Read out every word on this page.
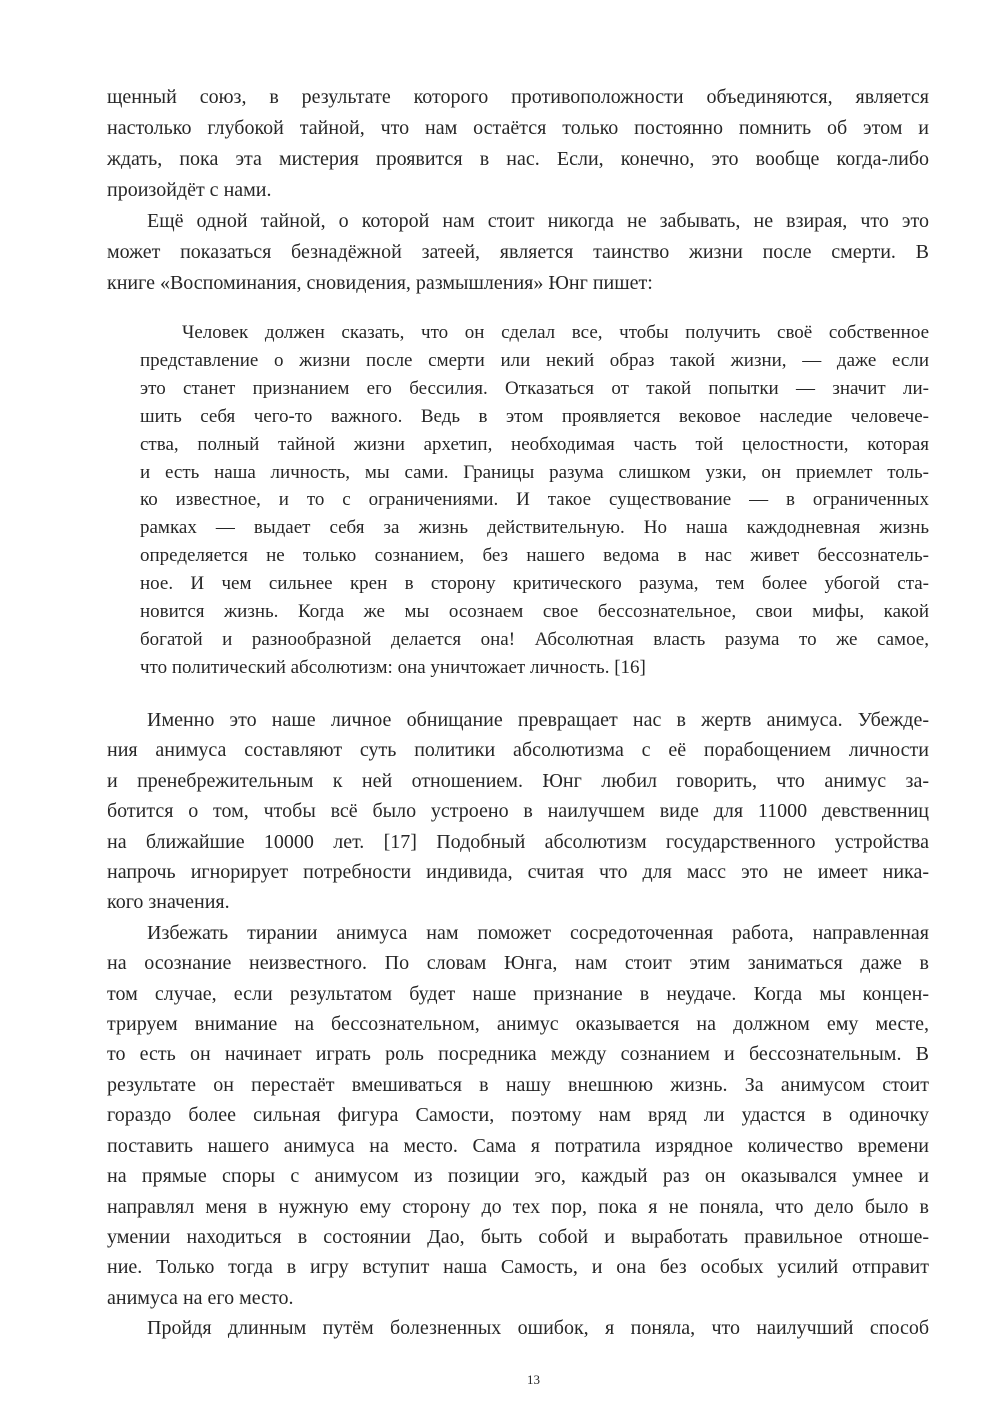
щенный союз, в результате которого противоположности объединяются, является
настолько глубокой тайной, что нам остаётся только постоянно помнить об этом и
ждать, пока эта мистерия проявится в нас. Если, конечно, это вообще когда-либо
произойдёт с нами.
Ещё одной тайной, о которой нам стоит никогда не забывать, не взирая, что это
может показаться безнадёжной затеей, является таинство жизни после смерти. В
книге «Воспоминания, сновидения, размышления» Юнг пишет:
Человек должен сказать, что он сделал все, чтобы получить своё собственное
представление о жизни после смерти или некий образ такой жизни, — даже если
это станет признанием его бессилия. Отказаться от такой попытки — значит ли-
шить себя чего-то важного. Ведь в этом проявляется вековое наследие человече-
ства, полный тайной жизни архетип, необходимая часть той целостности, которая
и есть наша личность, мы сами. Границы разума слишком узки, он приемлет толь-
ко известное, и то с ограничениями. И такое существование — в ограниченных
рамках — выдает себя за жизнь действительную. Но наша каждодневная жизнь
определяется не только сознанием, без нашего ведома в нас живет бессознатель-
ное. И чем сильнее крен в сторону критического разума, тем более убогой ста-
новится жизнь. Когда же мы осознаем свое бессознательное, свои мифы, какой
богатой и разнообразной делается она! Абсолютная власть разума то же самое,
что политический абсолютизм: она уничтожает личность. [16]
Именно это наше личное обнищание превращает нас в жертв анимуса. Убежде-
ния анимуса составляют суть политики абсолютизма с её порабощением личности
и пренебрежительным к ней отношением. Юнг любил говорить, что анимус за-
ботится о том, чтобы всё было устроено в наилучшем виде для 11000 девственниц
на ближайшие 10000 лет. [17] Подобный абсолютизм государственного устройства
напрочь игнорирует потребности индивида, считая что для масс это не имеет ника-
кого значения.
Избежать тирании анимуса нам поможет сосредоточенная работа, направленная
на осознание неизвестного. По словам Юнга, нам стоит этим заниматься даже в
том случае, если результатом будет наше признание в неудаче. Когда мы концен-
трируем внимание на бессознательном, анимус оказывается на должном ему месте,
то есть он начинает играть роль посредника между сознанием и бессознательным. В
результате он перестаёт вмешиваться в нашу внешнюю жизнь. За анимусом стоит
гораздо более сильная фигура Самости, поэтому нам вряд ли удастся в одиночку
поставить нашего анимуса на место. Сама я потратила изрядное количество времени
на прямые споры с анимусом из позиции эго, каждый раз он оказывался умнее и
направлял меня в нужную ему сторону до тех пор, пока я не поняла, что дело было в
умении находиться в состоянии Дао, быть собой и выработать правильное отноше-
ние. Только тогда в игру вступит наша Самость, и она без особых усилий отправит
анимуса на его место.
Пройдя длинным путём болезненных ошибок, я поняла, что наилучший способ
13
